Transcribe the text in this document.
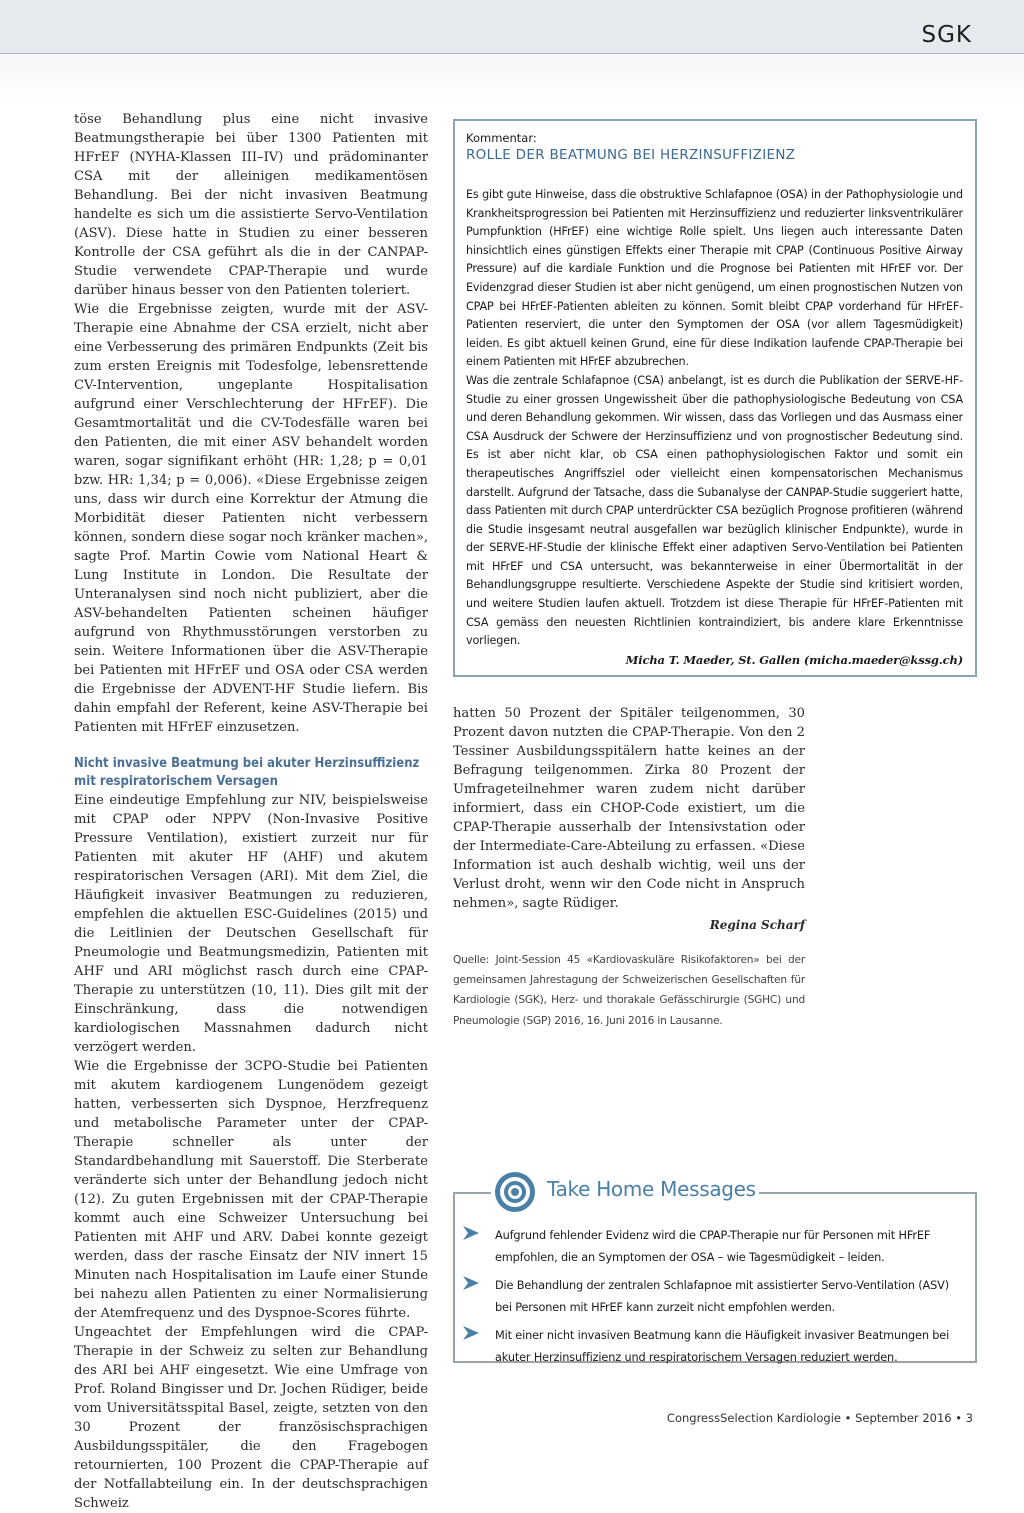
SGK

töse Behandlung plus eine nicht invasive Beatmungstherapie bei über 1300 Patienten mit HFrEF (NYHA-Klassen III–IV) und prädominanter CSA mit der alleinigen medikamentösen Behandlung. Bei der nicht invasiven Beatmung handelte es sich um die assistierte Servo-Ventilation (ASV). Diese hatte in Studien zu einer besseren Kontrolle der CSA geführt als die in der CANPAP-Studie verwendete CPAP-Therapie und wurde darüber hinaus besser von den Patienten toleriert.

Wie die Ergebnisse zeigten, wurde mit der ASV-Therapie eine Abnahme der CSA erzielt, nicht aber eine Verbesserung des primären Endpunkts (Zeit bis zum ersten Ereignis mit Todesfolge, lebensrettende CV-Intervention, ungeplante Hospitalisation aufgrund einer Verschlechterung der HFrEF). Die Gesamtmortalität und die CV-Todesfälle waren bei den Patienten, die mit einer ASV behandelt worden waren, sogar signifikant erhöht (HR: 1,28; p = 0,01 bzw. HR: 1,34; p = 0,006). «Diese Ergebnisse zeigen uns, dass wir durch eine Korrektur der Atmung die Morbidität dieser Patienten nicht verbessern können, sondern diese sogar noch kränker machen», sagte Prof. Martin Cowie vom National Heart & Lung Institute in London. Die Resultate der Unteranalysen sind noch nicht publiziert, aber die ASV-behandelten Patienten scheinen häufiger aufgrund von Rhythmusstörungen verstorben zu sein. Weitere Informationen über die ASV-Therapie bei Patienten mit HFrEF und OSA oder CSA werden die Ergebnisse der ADVENT-HF Studie liefern. Bis dahin empfahl der Referent, keine ASV-Therapie bei Patienten mit HFrEF einzusetzen.

Nicht invasive Beatmung bei akuter Herzinsuffizienz mit respiratorischem Versagen

Eine eindeutige Empfehlung zur NIV, beispielsweise mit CPAP oder NPPV (Non-Invasive Positive Pressure Ventilation), existiert zurzeit nur für Patienten mit akuter HF (AHF) und akutem respiratorischen Versagen (ARI). Mit dem Ziel, die Häufigkeit invasiver Beatmungen zu reduzieren, empfehlen die aktuellen ESC-Guidelines (2015) und die Leitlinien der Deutschen Gesellschaft für Pneumologie und Beatmungsmedizin, Patienten mit AHF und ARI möglichst rasch durch eine CPAP-Therapie zu unterstützen (10, 11). Dies gilt mit der Einschränkung, dass die notwendigen kardiologischen Massnahmen dadurch nicht verzögert werden.

Wie die Ergebnisse der 3CPO-Studie bei Patienten mit akutem kardiogenem Lungenödem gezeigt hatten, verbesserten sich Dyspnoe, Herzfrequenz und metabolische Parameter unter der CPAP-Therapie schneller als unter der Standardbehandlung mit Sauerstoff. Die Sterberate veränderte sich unter der Behandlung jedoch nicht (12). Zu guten Ergebnissen mit der CPAP-Therapie kommt auch eine Schweizer Untersuchung bei Patienten mit AHF und ARV. Dabei konnte gezeigt werden, dass der rasche Einsatz der NIV innert 15 Minuten nach Hospitalisation im Laufe einer Stunde bei nahezu allen Patienten zu einer Normalisierung der Atemfrequenz und des Dyspnoe-Scores führte.

Ungeachtet der Empfehlungen wird die CPAP-Therapie in der Schweiz zu selten zur Behandlung des ARI bei AHF eingesetzt. Wie eine Umfrage von Prof. Roland Bingisser und Dr. Jochen Rüdiger, beide vom Universitätsspital Basel, zeigte, setzten von den 30 Prozent der französischsprachigen Ausbildungsspitäler, die den Fragebogen retournierten, 100 Prozent die CPAP-Therapie auf der Notfallabteilung ein. In der deutschsprachigen Schweiz

Kommentar:
ROLLE DER BEATMUNG BEI HERZINSUFFIZIENZ

Es gibt gute Hinweise, dass die obstruktive Schlafapnoe (OSA) in der Pathophysiologie und Krankheitsprogression bei Patienten mit Herzinsuffizienz und reduzierter linksventrikulärer Pumpfunktion (HFrEF) eine wichtige Rolle spielt. Uns liegen auch interessante Daten hinsichtlich eines günstigen Effekts einer Therapie mit CPAP (Continuous Positive Airway Pressure) auf die kardiale Funktion und die Prognose bei Patienten mit HFrEF vor. Der Evidenzgrad dieser Studien ist aber nicht genügend, um einen prognostischen Nutzen von CPAP bei HFrEF-Patienten ableiten zu können. Somit bleibt CPAP vorderhand für HFrEF-Patienten reserviert, die unter den Symptomen der OSA (vor allem Tagesmüdigkeit) leiden. Es gibt aktuell keinen Grund, eine für diese Indikation laufende CPAP-Therapie bei einem Patienten mit HFrEF abzubrechen.

Was die zentrale Schlafapnoe (CSA) anbelangt, ist es durch die Publikation der SERVE-HF-Studie zu einer grossen Ungewissheit über die pathophysiologische Bedeutung von CSA und deren Behandlung gekommen. Wir wissen, dass das Vorliegen und das Ausmass einer CSA Ausdruck der Schwere der Herzinsuffizienz und von prognostischer Bedeutung sind. Es ist aber nicht klar, ob CSA einen pathophysiologischen Faktor und somit ein therapeutisches Angriffsziel oder vielleicht einen kompensatorischen Mechanismus darstellt. Aufgrund der Tatsache, dass die Subanalyse der CANPAP-Studie suggeriert hatte, dass Patienten mit durch CPAP unterdrückter CSA bezüglich Prognose profitieren (während die Studie insgesamt neutral ausgefallen war bezüglich klinischer Endpunkte), wurde in der SERVE-HF-Studie der klinische Effekt einer adaptiven Servo-Ventilation bei Patienten mit HFrEF und CSA untersucht, was bekannterweise in einer Übermortalität in der Behandlungsgruppe resultierte. Verschiedene Aspekte der Studie sind kritisiert worden, und weitere Studien laufen aktuell. Trotzdem ist diese Therapie für HFrEF-Patienten mit CSA gemäss den neuesten Richtlinien kontraindiziert, bis andere klare Erkenntnisse vorliegen.

Micha T. Maeder, St. Gallen (micha.maeder@kssg.ch)

hatten 50 Prozent der Spitäler teilgenommen, 30 Prozent davon nutzten die CPAP-Therapie. Von den 2 Tessiner Ausbildungsspitälern hatte keines an der Befragung teilgenommen. Zirka 80 Prozent der Umfrageteilnehmer waren zudem nicht darüber informiert, dass ein CHOP-Code existiert, um die CPAP-Therapie ausserhalb der Intensivstation oder der Intermediate-Care-Abteilung zu erfassen. «Diese Information ist auch deshalb wichtig, weil uns der Verlust droht, wenn wir den Code nicht in Anspruch nehmen», sagte Rüdiger.

Regina Scharf

Quelle: Joint-Session 45 «Kardiovaskuläre Risikofaktoren» bei der gemeinsamen Jahrestagung der Schweizerischen Gesellschaften für Kardiologie (SGK), Herz- und thorakale Gefässchirurgie (SGHC) und Pneumologie (SGP) 2016, 16. Juni 2016 in Lausanne.
Take Home Messages
Aufgrund fehlender Evidenz wird die CPAP-Therapie nur für Personen mit HFrEF empfohlen, die an Symptomen der OSA – wie Tagesmüdigkeit – leiden.
Die Behandlung der zentralen Schlafapnoe mit assistierter Servo-Ventilation (ASV) bei Personen mit HFrEF kann zurzeit nicht empfohlen werden.
Mit einer nicht invasiven Beatmung kann die Häufigkeit invasiver Beatmungen bei akuter Herzinsuffizienz und respiratorischem Versagen reduziert werden.
CongressSelection Kardiologie • September 2016 • 3
